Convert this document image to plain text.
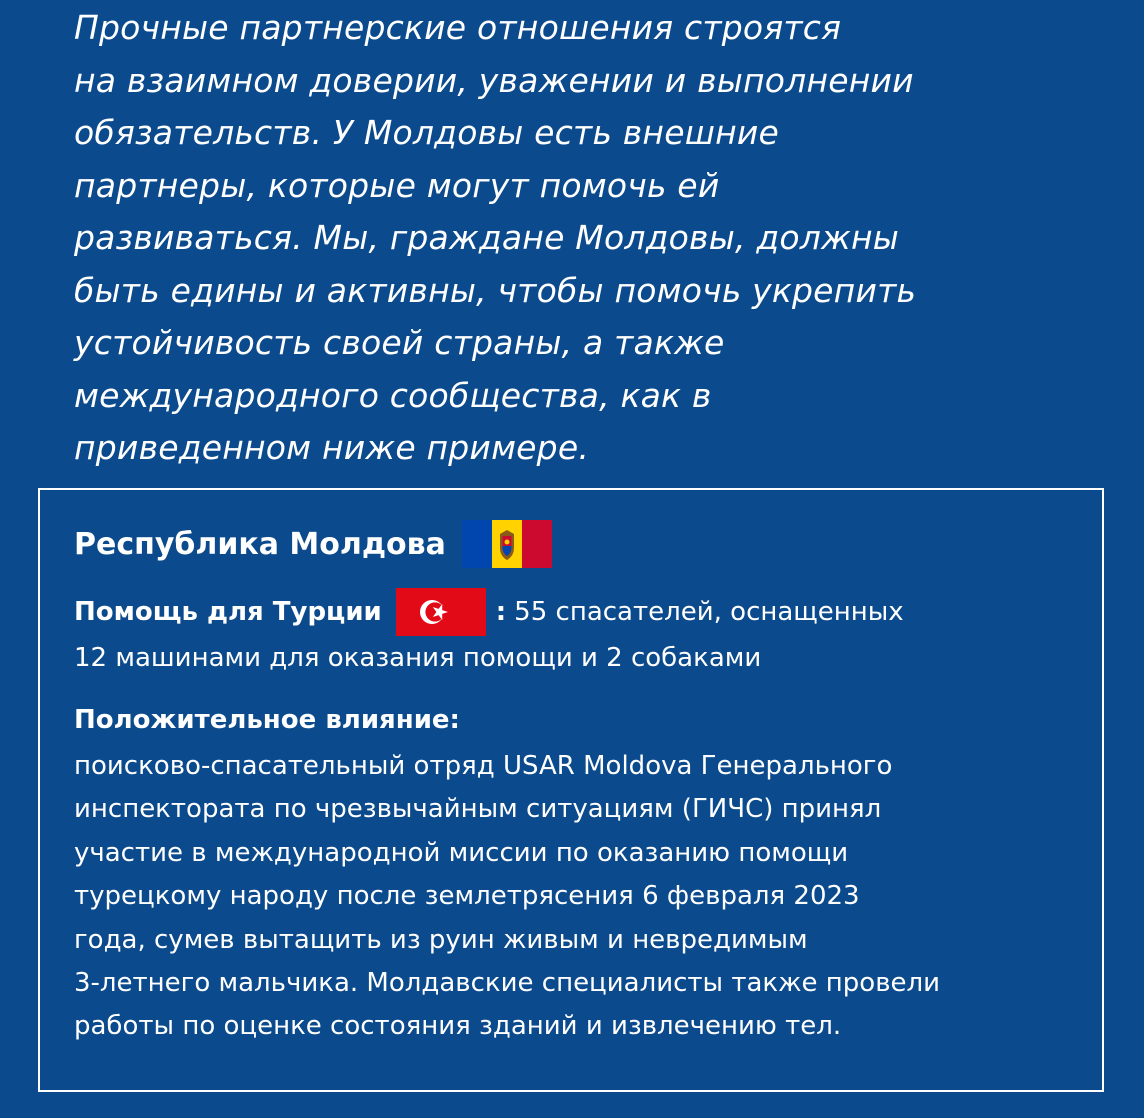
Прочные партнерские отношения строятся
на взаимном доверии, уважении и выполнении
обязательств. У Молдовы есть внешние
партнеры, которые могут помочь ей
развиваться. Мы, граждане Молдовы, должны
быть едины и активны, чтобы помочь укрепить
устойчивость своей страны, а также
международного сообщества, как в
приведенном ниже примере.
Республика Молдова
Помощь для Турции	: 55 спасателей, оснащенных
12 машинами для оказания помощи и 2 собаками
Положительное влияние:
поисково-спасательный отряд USAR Moldova Генерального
инспектората по чрезвычайным ситуациям (ГИЧС) принял
участие в международной миссии по оказанию помощи
турецкому народу после землетрясения 6 февраля 2023
года, сумев вытащить из руин живым и невредимым
3-летнего мальчика. Молдавские специалисты также провели
работы по оценке состояния зданий и извлечению тел.
